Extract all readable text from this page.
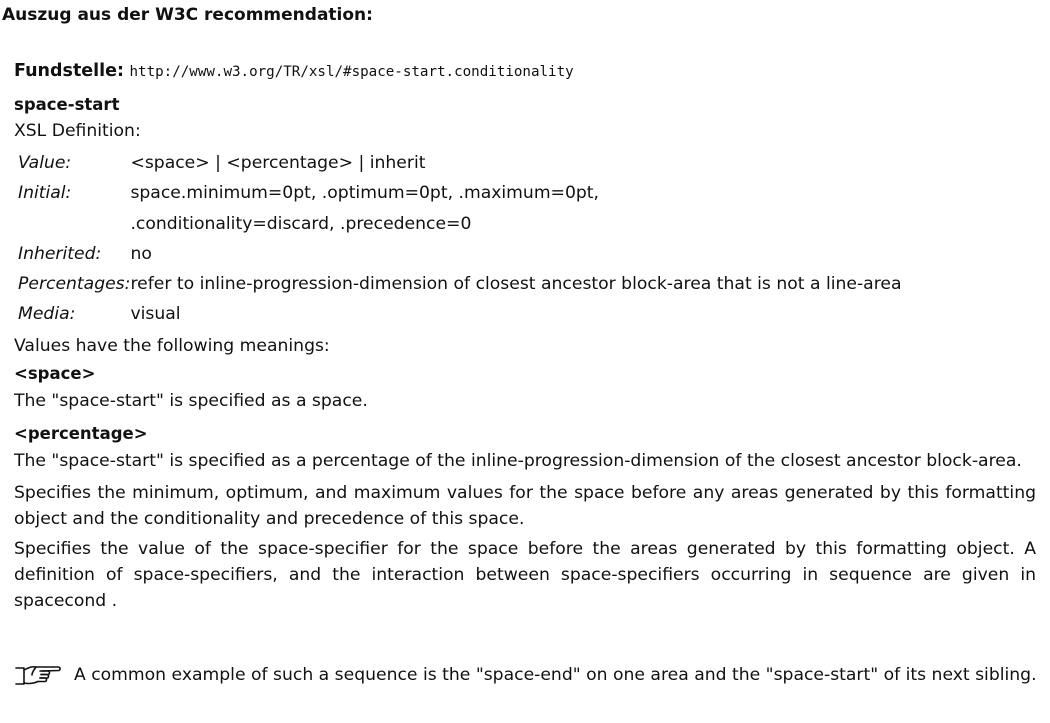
Auszug aus der W3C recommendation:
Fundstelle: http://www.w3.org/TR/xsl/#space-start.conditionality
space-start
XSL Definition:
Value:	<space> | <percentage> | inherit
Initial:	space.minimum=0pt, .optimum=0pt, .maximum=0pt,
	.conditionality=discard, .precedence=0
Inherited:	no
Percentages:	refer to inline-progression-dimension of closest ancestor block-area that is not a line-area
Media:	visual
Values have the following meanings:
<space>
The "space-start" is specified as a space.
<percentage>
The "space-start" is specified as a percentage of the inline-progression-dimension of the closest ancestor block-area.
Specifies the minimum, optimum, and maximum values for the space before any areas generated by this formatting object and the conditionality and precedence of this space.
Specifies the value of the space-specifier for the space before the areas generated by this formatting object. A definition of space-specifiers, and the interaction between space-specifiers occurring in sequence are given in spacecond .
A common example of such a sequence is the "space-end" on one area and the "space-start" of its next sibling.
